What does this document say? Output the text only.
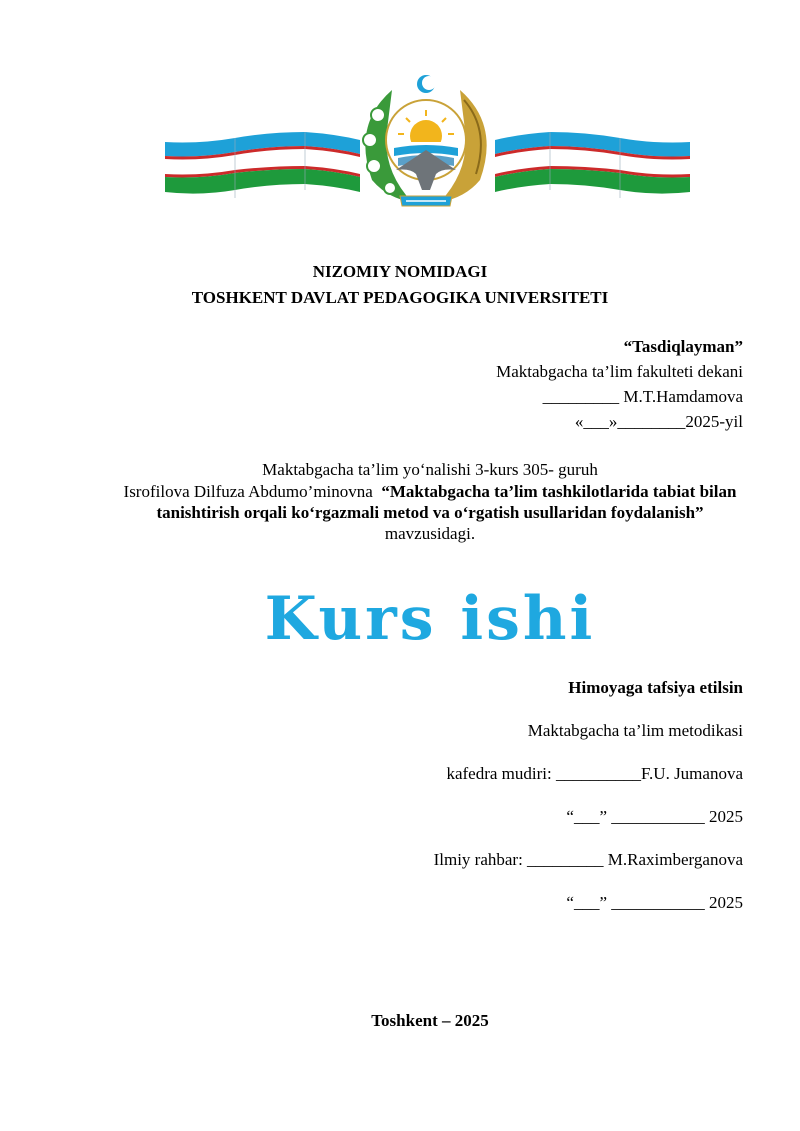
NIZOMIY NOMIDAGI
TOSHKENT DAVLAT PEDAGOGIKA UNIVERSITETI
“Tasdiqlayman”
Maktabgacha ta’lim fakulteti dekani
_________ M.T.Hamdamova
«___»________2025-yil
Maktabgacha ta’lim yo‘nalishi 3-kurs 305- guruh
Isrofilova Dilfuza Abdumo’minovna “Maktabgacha ta’lim tashkilotlarida tabiat bilan tanishtirish orqali ko‘rgazmali metod va o‘rgatish usullaridan foydalanish” mavzusidagi.
Kurs ishi
Himoyaga tafsiya etilsin
Maktabgacha ta’lim metodikasi
kafedra mudiri: __________F.U. Jumanova
“___” ___________ 2025
Ilmiy rahbar: _________ M.Raximberganova
“___” ___________ 2025
Toshkent – 2025
